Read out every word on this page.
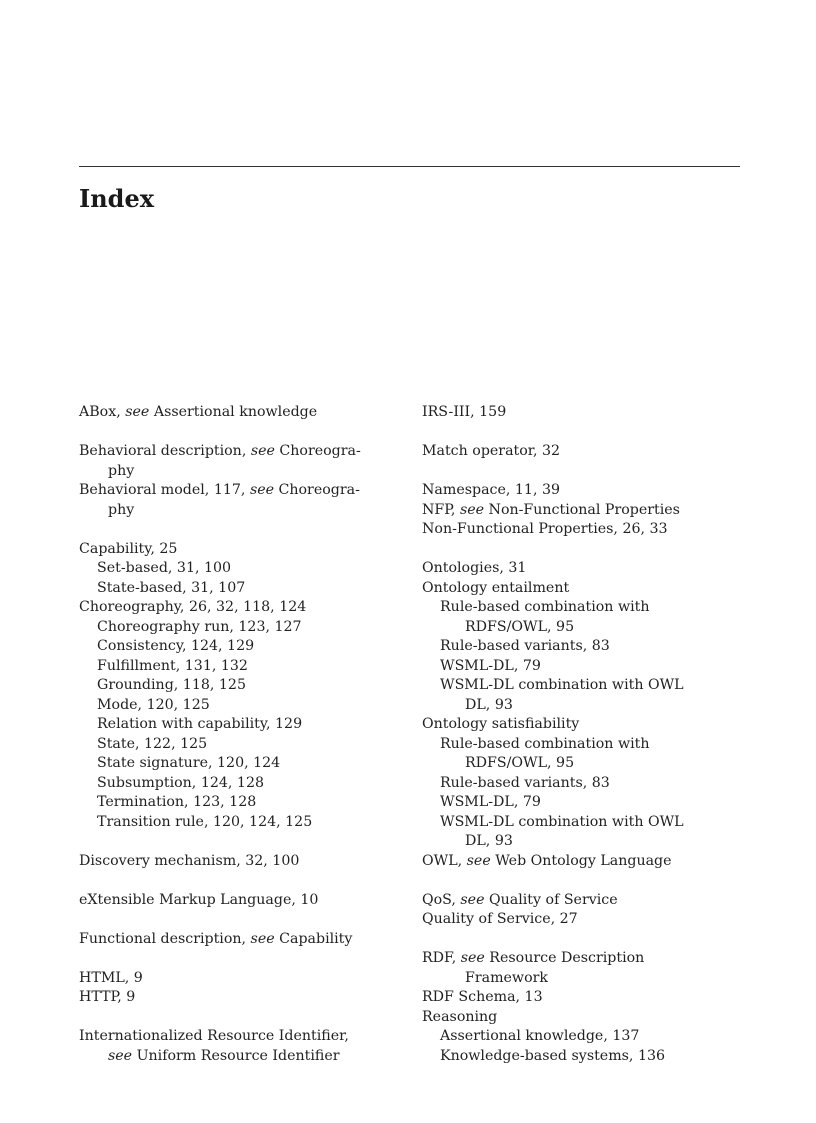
Index
ABox, see Assertional knowledge
Behavioral description, see Choreogra-
phy
Behavioral model, 117, see Choreogra-
phy
Capability, 25
Set-based, 31, 100
State-based, 31, 107
Choreography, 26, 32, 118, 124
Choreography run, 123, 127
Consistency, 124, 129
Fulfillment, 131, 132
Grounding, 118, 125
Mode, 120, 125
Relation with capability, 129
State, 122, 125
State signature, 120, 124
Subsumption, 124, 128
Termination, 123, 128
Transition rule, 120, 124, 125
Discovery mechanism, 32, 100
eXtensible Markup Language, 10
Functional description, see Capability
HTML, 9
HTTP, 9
Internationalized Resource Identifier,
see Uniform Resource Identifier
IRS-III, 159
Match operator, 32
Namespace, 11, 39
NFP, see Non-Functional Properties
Non-Functional Properties, 26, 33
Ontologies, 31
Ontology entailment
Rule-based combination with
RDFS/OWL, 95
Rule-based variants, 83
WSML-DL, 79
WSML-DL combination with OWL
DL, 93
Ontology satisfiability
Rule-based combination with
RDFS/OWL, 95
Rule-based variants, 83
WSML-DL, 79
WSML-DL combination with OWL
DL, 93
OWL, see Web Ontology Language
QoS, see Quality of Service
Quality of Service, 27
RDF, see Resource Description
Framework
RDF Schema, 13
Reasoning
Assertional knowledge, 137
Knowledge-based systems, 136
